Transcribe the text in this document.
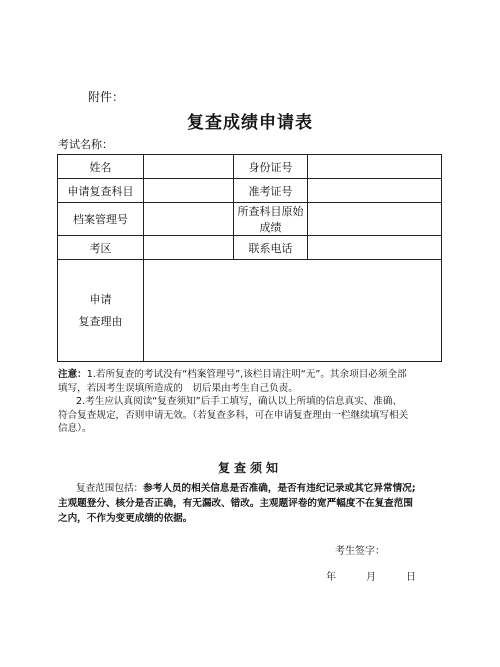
附件：
复查成绩申请表
考试名称：
姓名		身份证号	
申请复查科目		准考证号	
档案管理号		所查科目原始成绩	
考区		联系电话	

申请
复查理由			

注意：1.若所复查的考试没有“档案管理号”,该栏目请注明“无”。其余项目必须全部

填写，若因考生误填所造成的　切后果由考生自己负责。

2.考生应认真阅读“复查须知”后手工填写，确认以上所填的信息真实、准确、

符合复查规定，否则申请无效。（若复查多科，可在申请复查理由一栏继续填写相关

信息）。

复查须知

复查范围包括：参考人员的相关信息是否准确，是否有违纪记录或其它异常情况;

主观题登分、核分是否正确，有无漏改、错改。主观题评卷的宽严幅度不在复查范围

之内，不作为变更成绩的依据。

考生签字：
年	月	日
